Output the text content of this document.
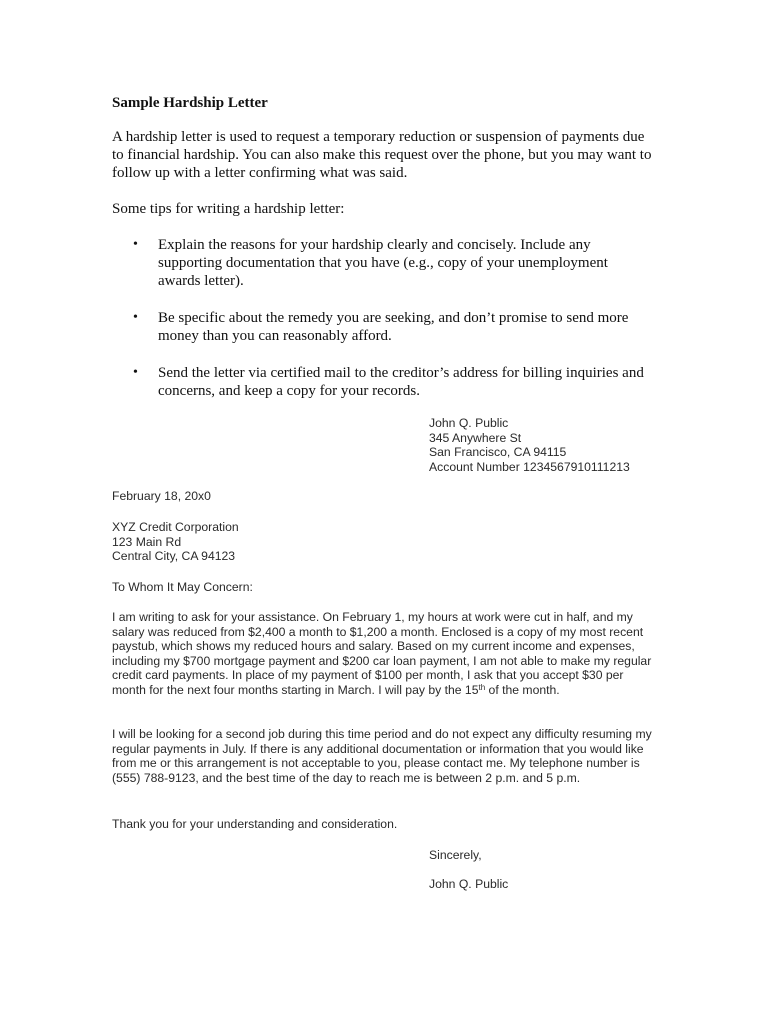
Sample Hardship Letter

A hardship letter is used to request a temporary reduction or suspension of payments due to financial hardship. You can also make this request over the phone, but you may want to follow up with a letter confirming what was said.

Some tips for writing a hardship letter:

• Explain the reasons for your hardship clearly and concisely. Include any supporting documentation that you have (e.g., copy of your unemployment awards letter).
• Be specific about the remedy you are seeking, and don’t promise to send more money than you can reasonably afford.
• Send the letter via certified mail to the creditor’s address for billing inquiries and concerns, and keep a copy for your records.
John Q. Public
345 Anywhere St
San Francisco, CA 94115
Account Number 1234567910111213

February 18, 20x0

XYZ Credit Corporation
123 Main Rd
Central City, CA 94123

To Whom It May Concern:

I am writing to ask for your assistance. On February 1, my hours at work were cut in half, and my salary was reduced from $2,400 a month to $1,200 a month. Enclosed is a copy of my most recent paystub, which shows my reduced hours and salary. Based on my current income and expenses, including my $700 mortgage payment and $200 car loan payment, I am not able to make my regular credit card payments. In place of my payment of $100 per month, I ask that you accept $30 per month for the next four months starting in March. I will pay by the 15th of the month.

I will be looking for a second job during this time period and do not expect any difficulty resuming my regular payments in July. If there is any additional documentation or information that you would like from me or this arrangement is not acceptable to you, please contact me. My telephone number is (555) 788-9123, and the best time of the day to reach me is between 2 p.m. and 5 p.m.

Thank you for your understanding and consideration.

Sincerely,

John Q. Public
